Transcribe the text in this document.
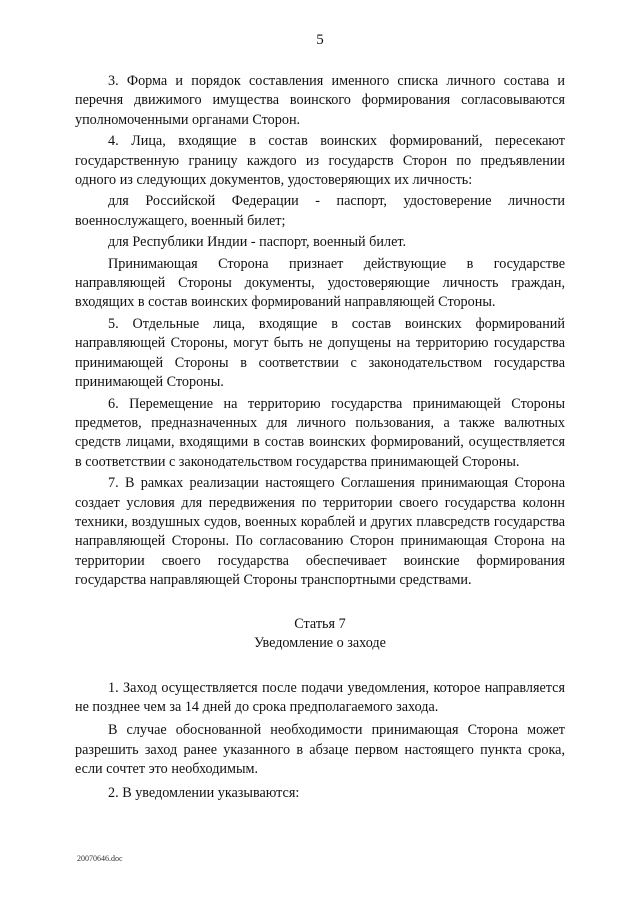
5

3. Форма и порядок составления именного списка личного состава и перечня движимого имущества воинского формирования согласовываются уполномоченными органами Сторон.

4. Лица, входящие в состав воинских формирований, пересекают государственную границу каждого из государств Сторон по предъявлении одного из следующих документов, удостоверяющих их личность:

для Российской Федерации - паспорт, удостоверение личности военнослужащего, военный билет;

для Республики Индии - паспорт, военный билет.

Принимающая Сторона признает действующие в государстве направляющей Стороны документы, удостоверяющие личность граждан, входящих в состав воинских формирований направляющей Стороны.

5. Отдельные лица, входящие в состав воинских формирований направляющей Стороны, могут быть не допущены на территорию государства принимающей Стороны в соответствии с законодательством государства принимающей Стороны.

6. Перемещение на территорию государства принимающей Стороны предметов, предназначенных для личного пользования, а также валютных средств лицами, входящими в состав воинских формирований, осуществляется в соответствии с законодательством государства принимающей Стороны.

7. В рамках реализации настоящего Соглашения принимающая Сторона создает условия для передвижения по территории своего государства колонн техники, воздушных судов, военных кораблей и других плавсредств государства направляющей Стороны. По согласованию Сторон принимающая Сторона на территории своего государства обеспечивает воинские формирования государства направляющей Стороны транспортными средствами.

Статья 7

Уведомление о заходе

1. Заход осуществляется после подачи уведомления, которое направляется не позднее чем за 14 дней до срока предполагаемого захода.

В случае обоснованной необходимости принимающая Сторона может разрешить заход ранее указанного в абзаце первом настоящего пункта срока, если сочтет это необходимым.

2. В уведомлении указываются:

20070646.doc
